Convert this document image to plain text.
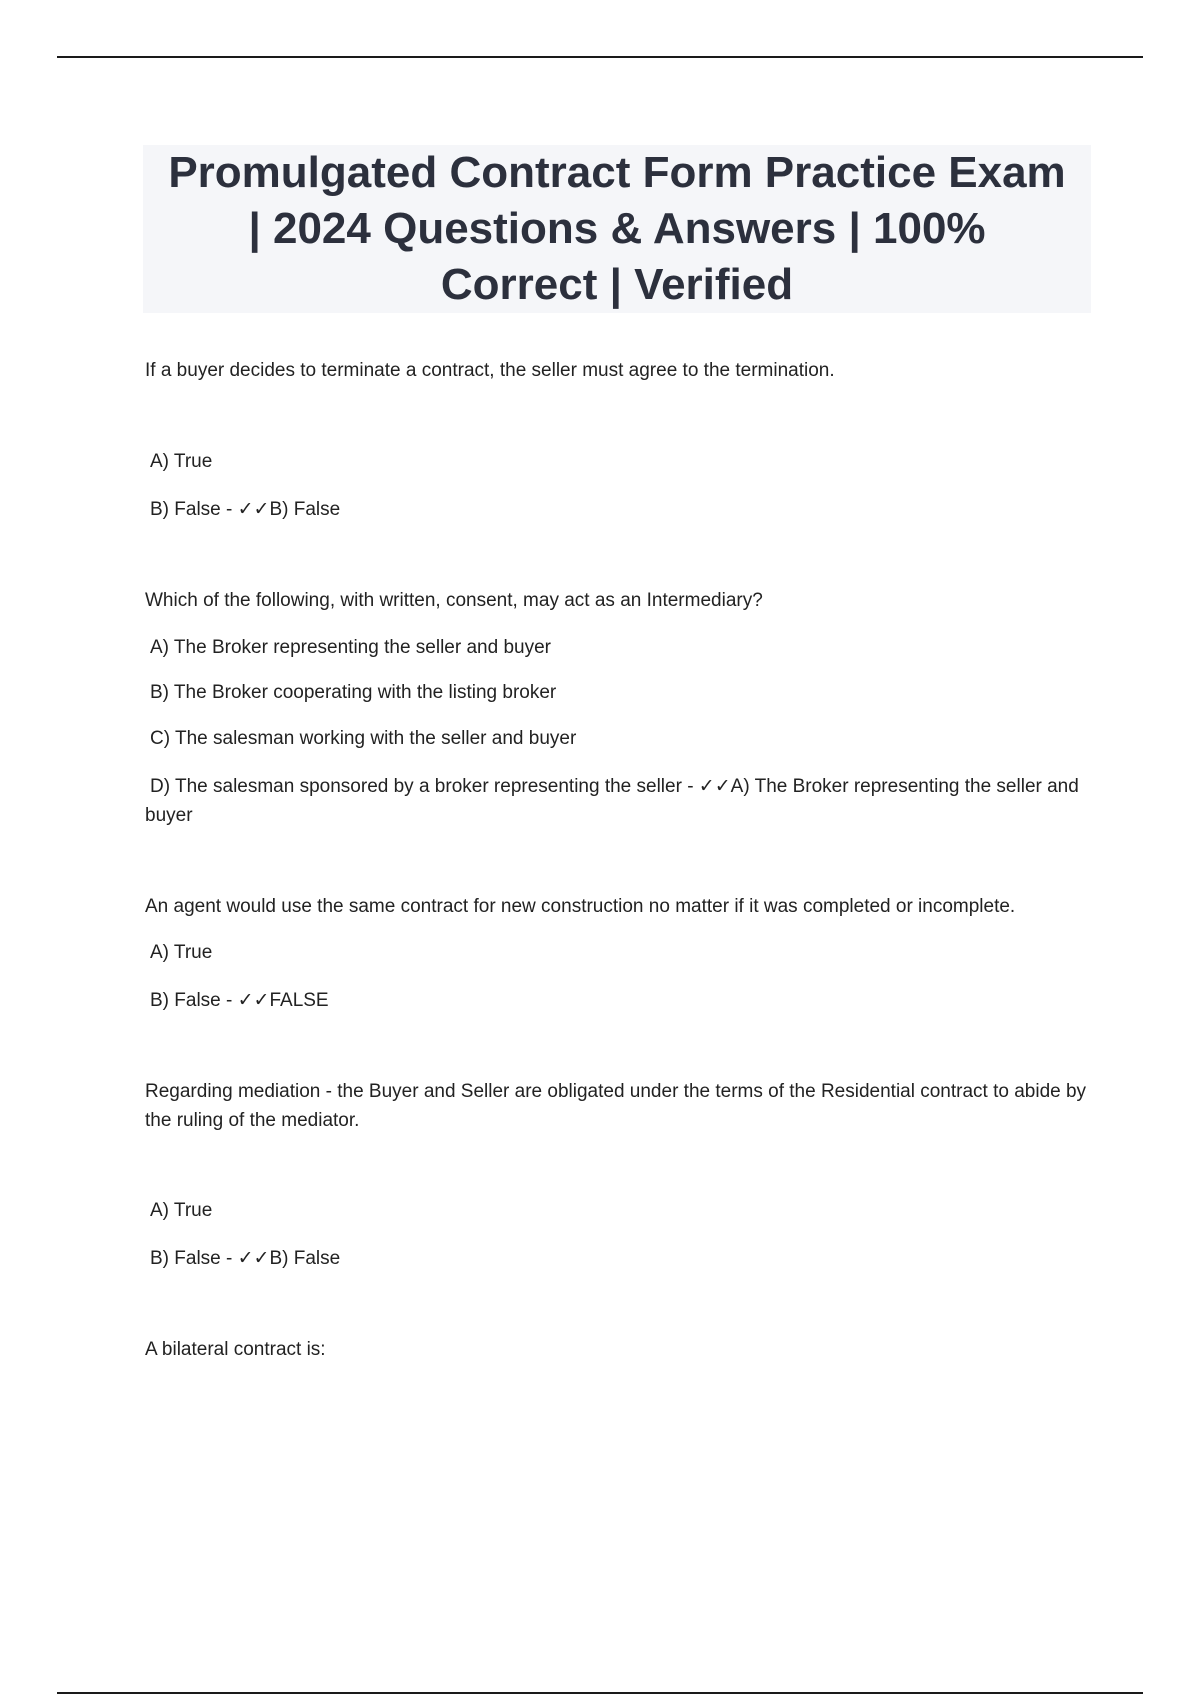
Promulgated Contract Form Practice Exam | 2024 Questions & Answers | 100% Correct | Verified

If a buyer decides to terminate a contract, the seller must agree to the termination.

A) True

B) False - ✓✓B) False

Which of the following, with written, consent, may act as an Intermediary?

A) The Broker representing the seller and buyer

B) The Broker cooperating with the listing broker

C) The salesman working with the seller and buyer

D) The salesman sponsored by a broker representing the seller - ✓✓A) The Broker representing the seller and buyer

An agent would use the same contract for new construction no matter if it was completed or incomplete.

A) True

B) False - ✓✓FALSE

Regarding mediation - the Buyer and Seller are obligated under the terms of the Residential contract to abide by the ruling of the mediator.

A) True

B) False - ✓✓B) False

A bilateral contract is:
